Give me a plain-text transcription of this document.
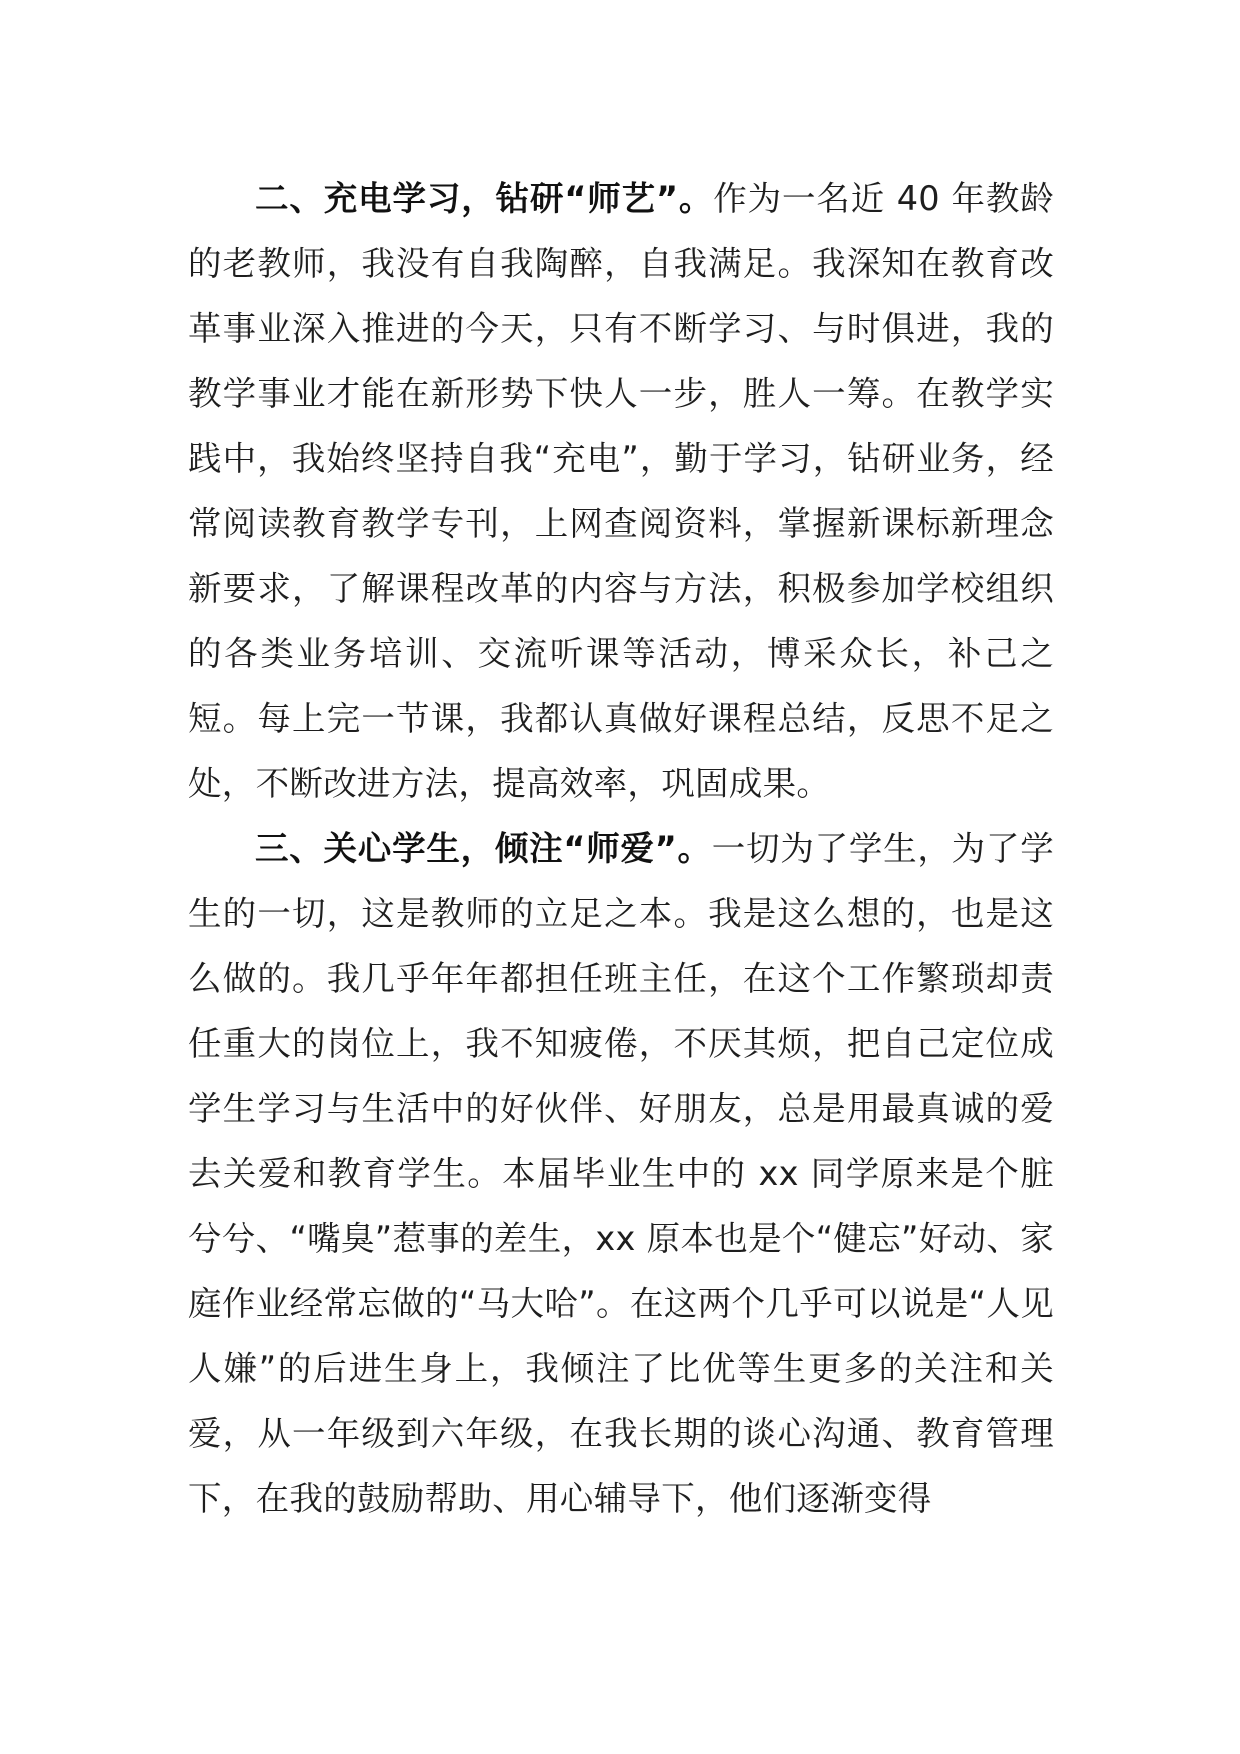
二、充电学习，钻研“师艺”。作为一名近 40 年教龄的老教师，我没有自我陶醉，自我满足。我深知在教育改革事业深入推进的今天，只有不断学习、与时俱进，我的教学事业才能在新形势下快人一步，胜人一筹。在教学实践中，我始终坚持自我“充电”，勤于学习，钻研业务，经常阅读教育教学专刊，上网查阅资料，掌握新课标新理念新要求，了解课程改革的内容与方法，积极参加学校组织的各类业务培训、交流听课等活动，博采众长，补己之短。每上完一节课，我都认真做好课程总结，反思不足之处，不断改进方法，提高效率，巩固成果。

三、关心学生，倾注“师爱”。一切为了学生，为了学生的一切，这是教师的立足之本。我是这么想的，也是这么做的。我几乎年年都担任班主任，在这个工作繁琐却责任重大的岗位上，我不知疲倦，不厌其烦，把自己定位成学生学习与生活中的好伙伴、好朋友，总是用最真诚的爱去关爱和教育学生。本届毕业生中的 xx 同学原来是个脏兮兮、“嘴臭”惹事的差生，xx 原本也是个“健忘”好动、家庭作业经常忘做的“马大哈”。在这两个几乎可以说是“人见人嫌”的后进生身上，我倾注了比优等生更多的关注和关爱，从一年级到六年级，在我长期的谈心沟通、教育管理下，在我的鼓励帮助、用心辅导下，他们逐渐变得
